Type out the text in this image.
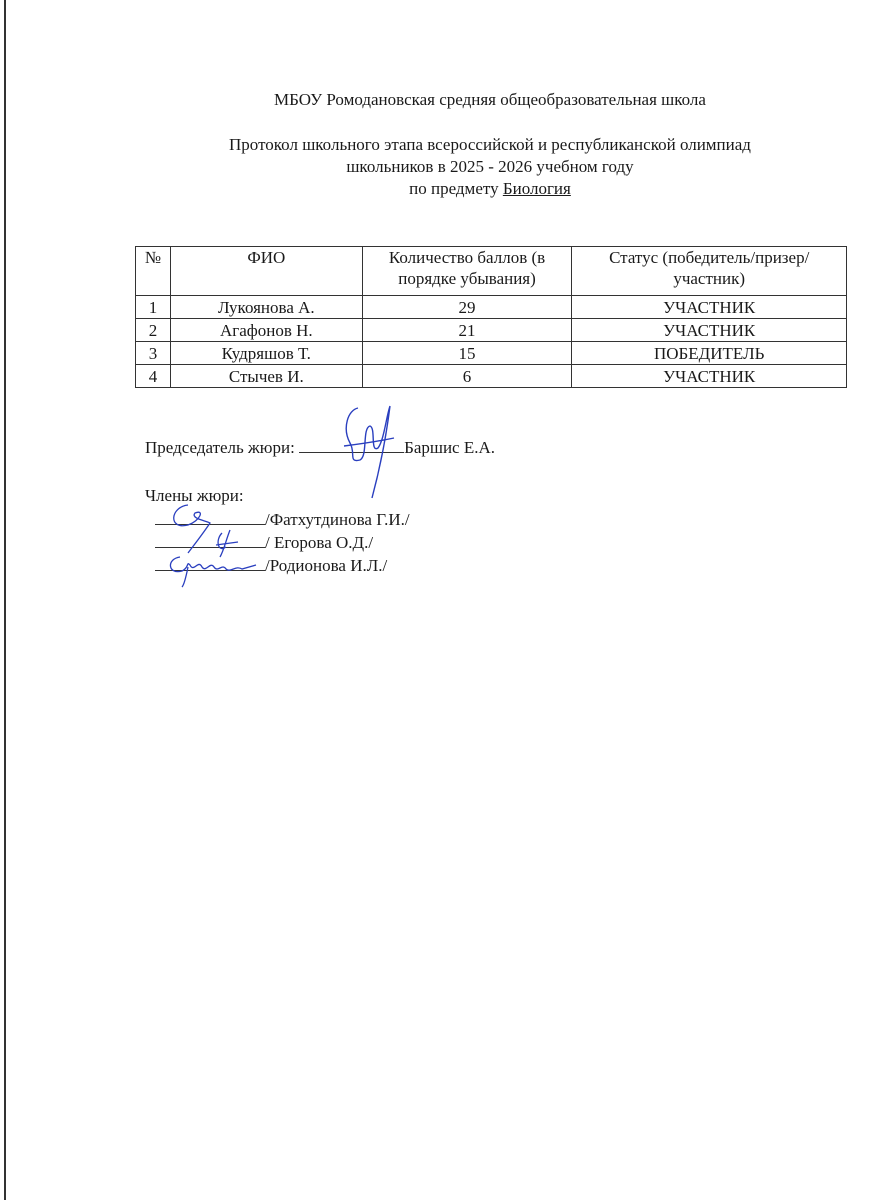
МБОУ Ромодановская средняя общеобразовательная школа
Протокол школьного этапа всероссийской и республиканской олимпиад
школьников в 2025 - 2026 учебном году
по предмету Биология
№	ФИО	Количество баллов (в порядке убывания)	Статус (победитель/призер/участник)
1	Лукоянова А.	29	УЧАСТНИК
2	Агафонов Н.	21	УЧАСТНИК
3	Кудряшов Т.	15	ПОБЕДИТЕЛЬ
4	Стычев И.	6	УЧАСТНИК
Председатель жюри:	Баршис Е.А.
Члены жюри:
/Фатхутдинова Г.И./
/ Егорова О.Д./
/Родионова И.Л./
